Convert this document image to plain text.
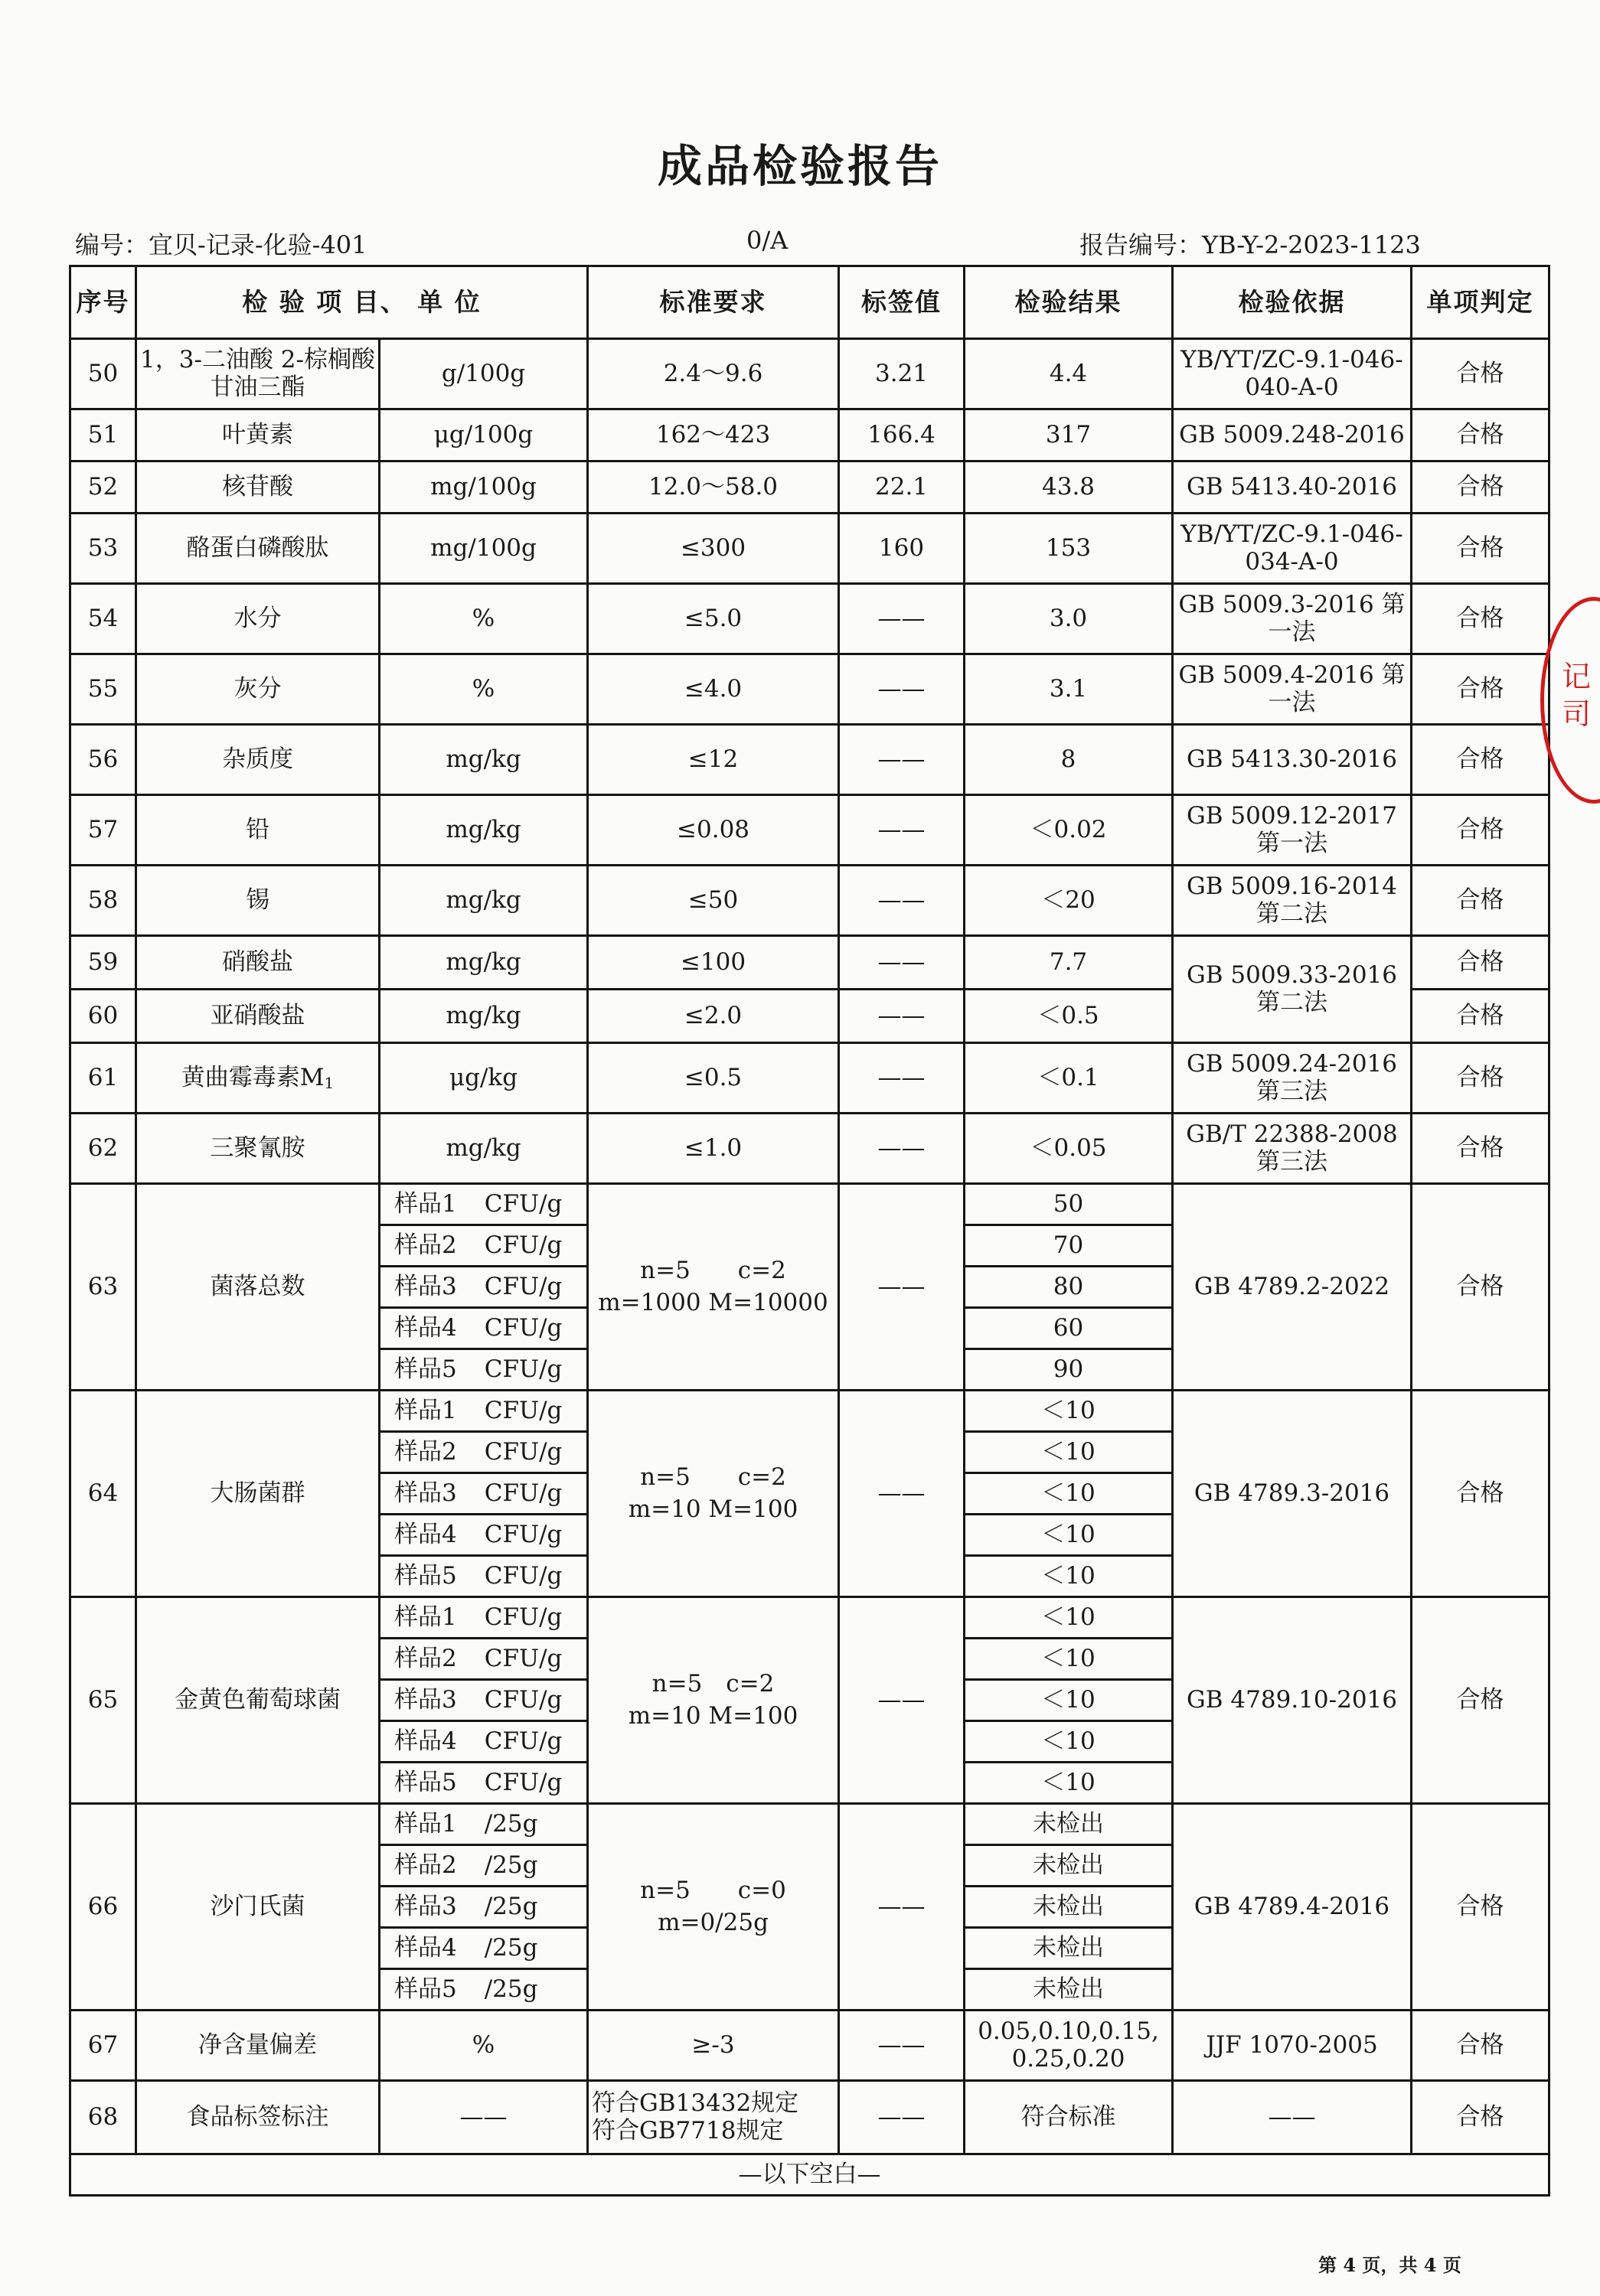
成品检验报告
编号：宜贝-记录-化验-401	0/A	报告编号：YB-Y-2-2023-1123
序号	检 验 项 目、 单 位		标准要求	标签值	检验结果	检验依据	单项判定
50	1，3-二油酸 2-棕榈酸甘油三酯	g/100g	2.4～9.6	3.21	4.4	YB/YT/ZC-9.1-046-040-A-0	合格
51	叶黄素	μg/100g	162～423	166.4	317	GB 5009.248-2016	合格
52	核苷酸	mg/100g	12.0～58.0	22.1	43.8	GB 5413.40-2016	合格
53	酪蛋白磷酸肽	mg/100g	≤300	160	153	YB/YT/ZC-9.1-046-034-A-0	合格
54	水分	%	≤5.0	——	3.0	GB 5009.3-2016 第一法	合格
55	灰分	%	≤4.0	——	3.1	GB 5009.4-2016 第一法	合格
56	杂质度	mg/kg	≤12	——	8	GB 5413.30-2016	合格
57	铅	mg/kg	≤0.08	——	＜0.02	GB 5009.12-2017 第一法	合格
58	锡	mg/kg	≤50	——	＜20	GB 5009.16-2014 第二法	合格
59	硝酸盐	mg/kg	≤100	——	7.7	GB 5009.33-2016 第二法	合格
60	亚硝酸盐	mg/kg	≤2.0	——	＜0.5		合格
61	黄曲霉毒素$M_1$	μg/kg	≤0.5	——	＜0.1	GB 5009.24-2016 第三法	合格
62	三聚氰胺	mg/kg	≤1.0	——	＜0.05	GB/T 22388-2008 第三法	合格
63	菌落总数	样品1 CFU/g	n=5　　c=2
m=1000 M=10000	——	50	GB 4789.2-2022	合格
		样品2 CFU/g			70		
		样品3 CFU/g			80		
		样品4 CFU/g			60		
		样品5 CFU/g			90		
64	大肠菌群	样品1 CFU/g	n=5　　c=2
m=10 M=100	——	＜10	GB 4789.3-2016	合格
		样品2 CFU/g			＜10		
		样品3 CFU/g			＜10		
		样品4 CFU/g			＜10		
		样品5 CFU/g			＜10		
65	金黄色葡萄球菌	样品1 CFU/g	n=5　c=2
m=10 M=100	——	＜10	GB 4789.10-2016	合格
		样品2 CFU/g			＜10		
		样品3 CFU/g			＜10		
		样品4 CFU/g			＜10		
		样品5 CFU/g			＜10		
66	沙门氏菌	样品1 /25g	n=5　　c=0
m=0/25g	——	未检出	GB 4789.4-2016	合格
		样品2 /25g			未检出		
		样品3 /25g			未检出		
		样品4 /25g			未检出		
		样品5 /25g			未检出		
67	净含量偏差	%	≥-3	——	0.05,0.10,0.15, 0.25,0.20	JJF 1070-2005	合格
68	食品标签标注	——	符合GB13432规定
符合GB7718规定	——	符合标准	——	合格
—以下空白—							
记
司
第 4 页，共 4 页
